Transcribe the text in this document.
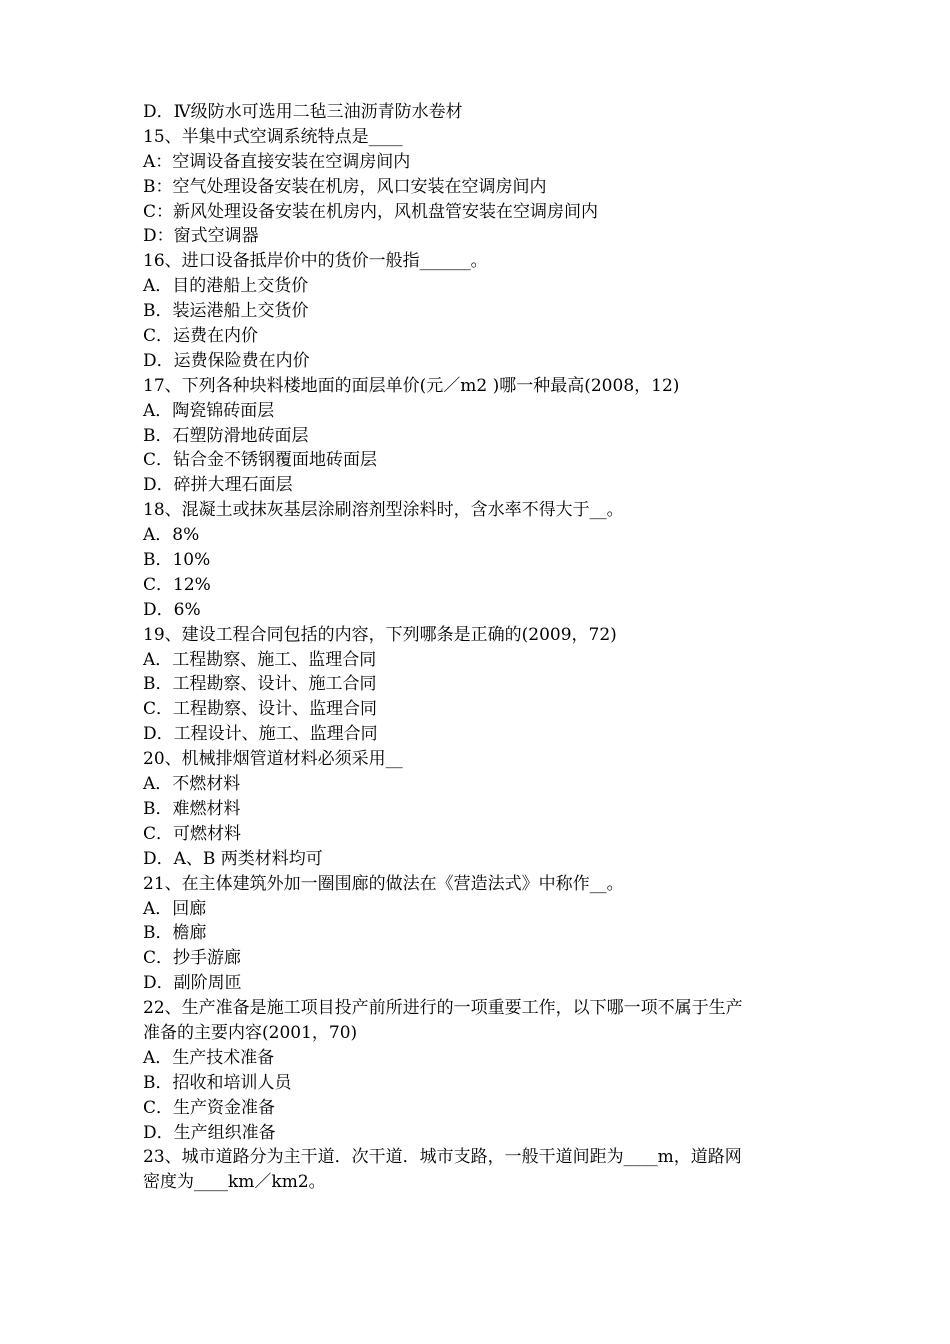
D．Ⅳ级防水可选用二毡三油沥青防水卷材
15、半集中式空调系统特点是____
A：空调设备直接安装在空调房间内
B：空气处理设备安装在机房，风口安装在空调房间内
C：新风处理设备安装在机房内，风机盘管安装在空调房间内
D：窗式空调器
16、进口设备抵岸价中的货价一般指______。
A．目的港船上交货价
B．装运港船上交货价
C．运费在内价
D．运费保险费在内价
17、下列各种块料楼地面的面层单价(元／m2 )哪一种最高(2008，12)
A．陶瓷锦砖面层
B．石塑防滑地砖面层
C．钻合金不锈钢覆面地砖面层
D．碎拼大理石面层
18、混凝土或抹灰基层涂刷溶剂型涂料时，含水率不得大于__。
A．8%
B．10%
C．12%
D．6%
19、建设工程合同包括的内容，下列哪条是正确的(2009，72)
A．工程勘察、施工、监理合同
B．工程勘察、设计、施工合同
C．工程勘察、设计、监理合同
D．工程设计、施工、监理合同
20、机械排烟管道材料必须采用__
A．不燃材料
B．难燃材料
C．可燃材料
D．A、B 两类材料均可
21、在主体建筑外加一圈围廊的做法在《营造法式》中称作__。
A．回廊
B．檐廊
C．抄手游廊
D．副阶周匝
22、生产准备是施工项目投产前所进行的一项重要工作，以下哪一项不属于生产
准备的主要内容(2001，70)
A．生产技术准备
B．招收和培训人员
C．生产资金准备
D．生产组织准备
23、城市道路分为主干道．次干道．城市支路，一般干道间距为____m，道路网
密度为____km／km2。
